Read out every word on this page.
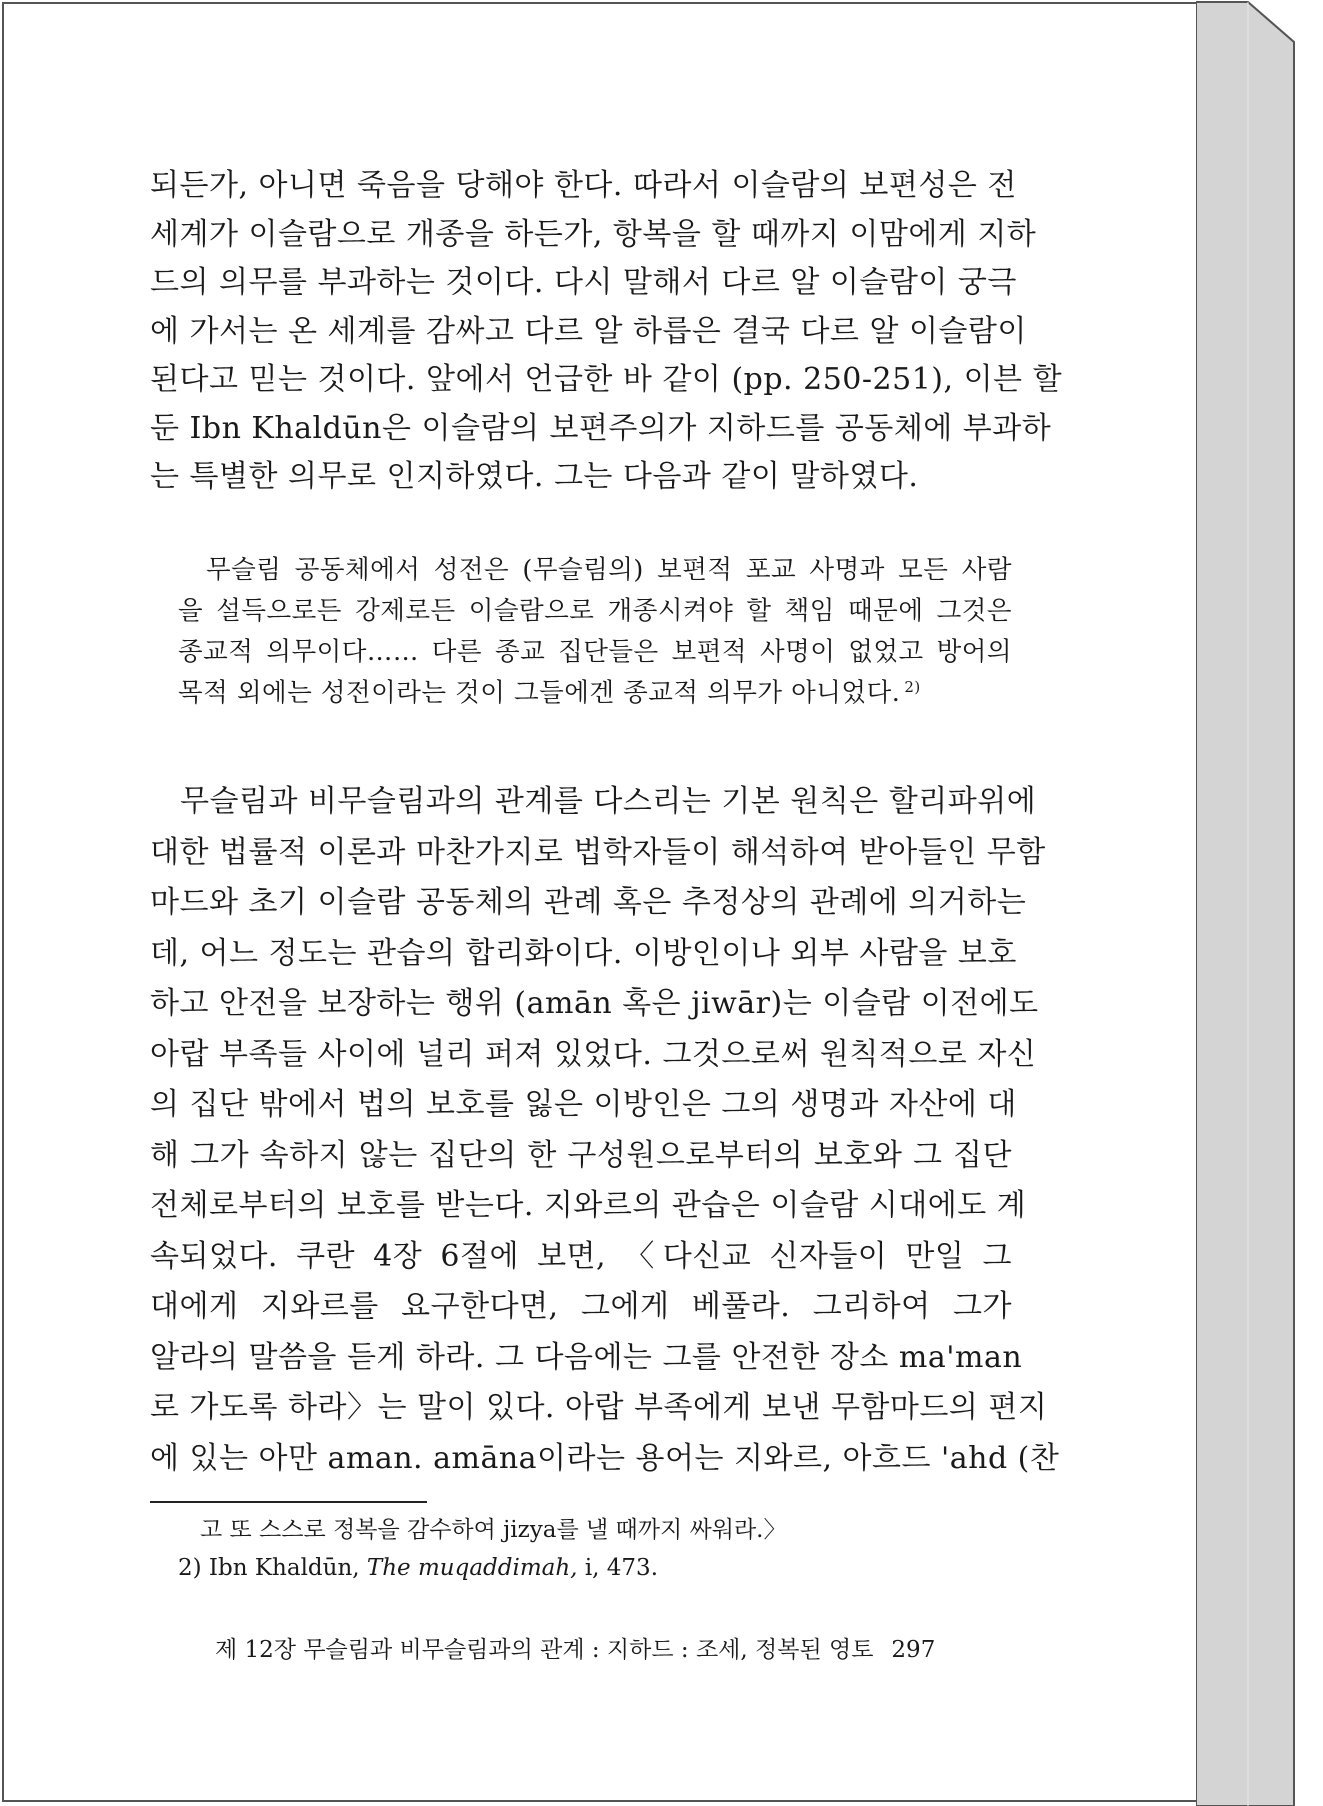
되든가, 아니면 죽음을 당해야 한다. 따라서 이슬람의 보편성은 전
세계가 이슬람으로 개종을 하든가, 항복을 할 때까지 이맘에게 지하
드의 의무를 부과하는 것이다. 다시 말해서 다르 알 이슬람이 궁극
에 가서는 온 세계를 감싸고 다르 알 하릅은 결국 다르 알 이슬람이
된다고 믿는 것이다. 앞에서 언급한 바 같이 (pp. 250-251), 이븐 할
둔 Ibn Khaldūn은 이슬람의 보편주의가 지하드를 공동체에 부과하
는 특별한 의무로 인지하였다. 그는 다음과 같이 말하였다.
무슬림 공동체에서 성전은 (무슬림의) 보편적 포교 사명과 모든 사람
을 설득으로든 강제로든 이슬람으로 개종시켜야 할 책임 때문에 그것은
종교적 의무이다…… 다른 종교 집단들은 보편적 사명이 없었고 방어의
목적 외에는 성전이라는 것이 그들에겐 종교적 의무가 아니었다. $^{2)}$
무슬림과 비무슬림과의 관계를 다스리는 기본 원칙은 할리파위에
대한 법률적 이론과 마찬가지로 법학자들이 해석하여 받아들인 무함
마드와 초기 이슬람 공동체의 관례 혹은 추정상의 관례에 의거하는
데, 어느 정도는 관습의 합리화이다. 이방인이나 외부 사람을 보호
하고 안전을 보장하는 행위 (amān 혹은 jiwār)는 이슬람 이전에도
아랍 부족들 사이에 널리 퍼져 있었다. 그것으로써 원칙적으로 자신
의 집단 밖에서 법의 보호를 잃은 이방인은 그의 생명과 자산에 대
해 그가 속하지 않는 집단의 한 구성원으로부터의 보호와 그 집단
전체로부터의 보호를 받는다. 지와르의 관습은 이슬람 시대에도 계
속되었다. 쿠란 4장 6절에 보면, 〈다신교 신자들이 만일 그
대에게 지와르를 요구한다면, 그에게 베풀라. 그리하여 그가
알라의 말씀을 듣게 하라. 그 다음에는 그를 안전한 장소 ma'man
로 가도록 하라〉는 말이 있다. 아랍 부족에게 보낸 무함마드의 편지
에 있는 아만 aman. amāna이라는 용어는 지와르, 아흐드 'ahd (찬
고 또 스스로 정복을 감수하여 jizya를 낼 때까지 싸워라.〉
2) Ibn Khaldūn, The muqaddimah, i, 473.
제 12장 무슬림과 비무슬림과의 관계 : 지하드 : 조세, 정복된 영토 297
